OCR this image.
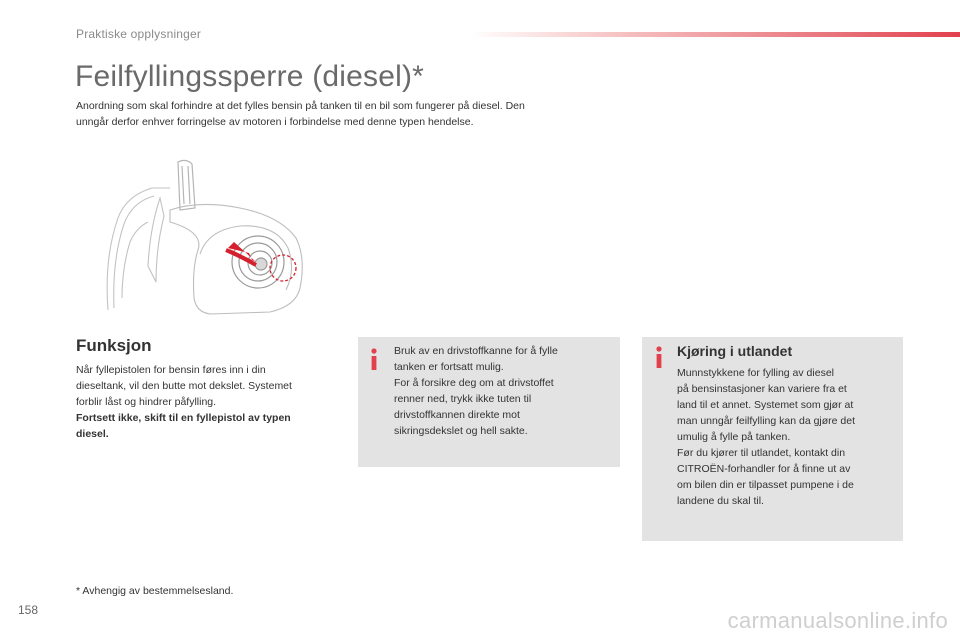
Praktiske opplysninger
Feilfyllingssperre (diesel)*
Anordning som skal forhindre at det fylles bensin på tanken til en bil som fungerer på diesel. Den
unngår derfor enhver forringelse av motoren i forbindelse med denne typen hendelse.
Funksjon
Når fyllepistolen for bensin føres inn i din
dieseltank, vil den butte mot dekslet. Systemet
forblir låst og hindrer påfylling.
Fortsett ikke, skift til en fyllepistol av typen
diesel.
Bruk av en drivstoffkanne for å fylle
tanken er fortsatt mulig.
For å forsikre deg om at drivstoffet
renner ned, trykk ikke tuten til
drivstoffkannen direkte mot
sikringsdekslet og hell sakte.
Kjøring i utlandet
Munnstykkene for fylling av diesel
på bensinstasjoner kan variere fra et
land til et annet. Systemet som gjør at
man unngår feilfylling kan da gjøre det
umulig å fylle på tanken.
Før du kjører til utlandet, kontakt din
CITROËN-forhandler for å finne ut av
om bilen din er tilpasset pumpene i de
landene du skal til.
* Avhengig av bestemmelsesland.
158	carmanualsonline.info
